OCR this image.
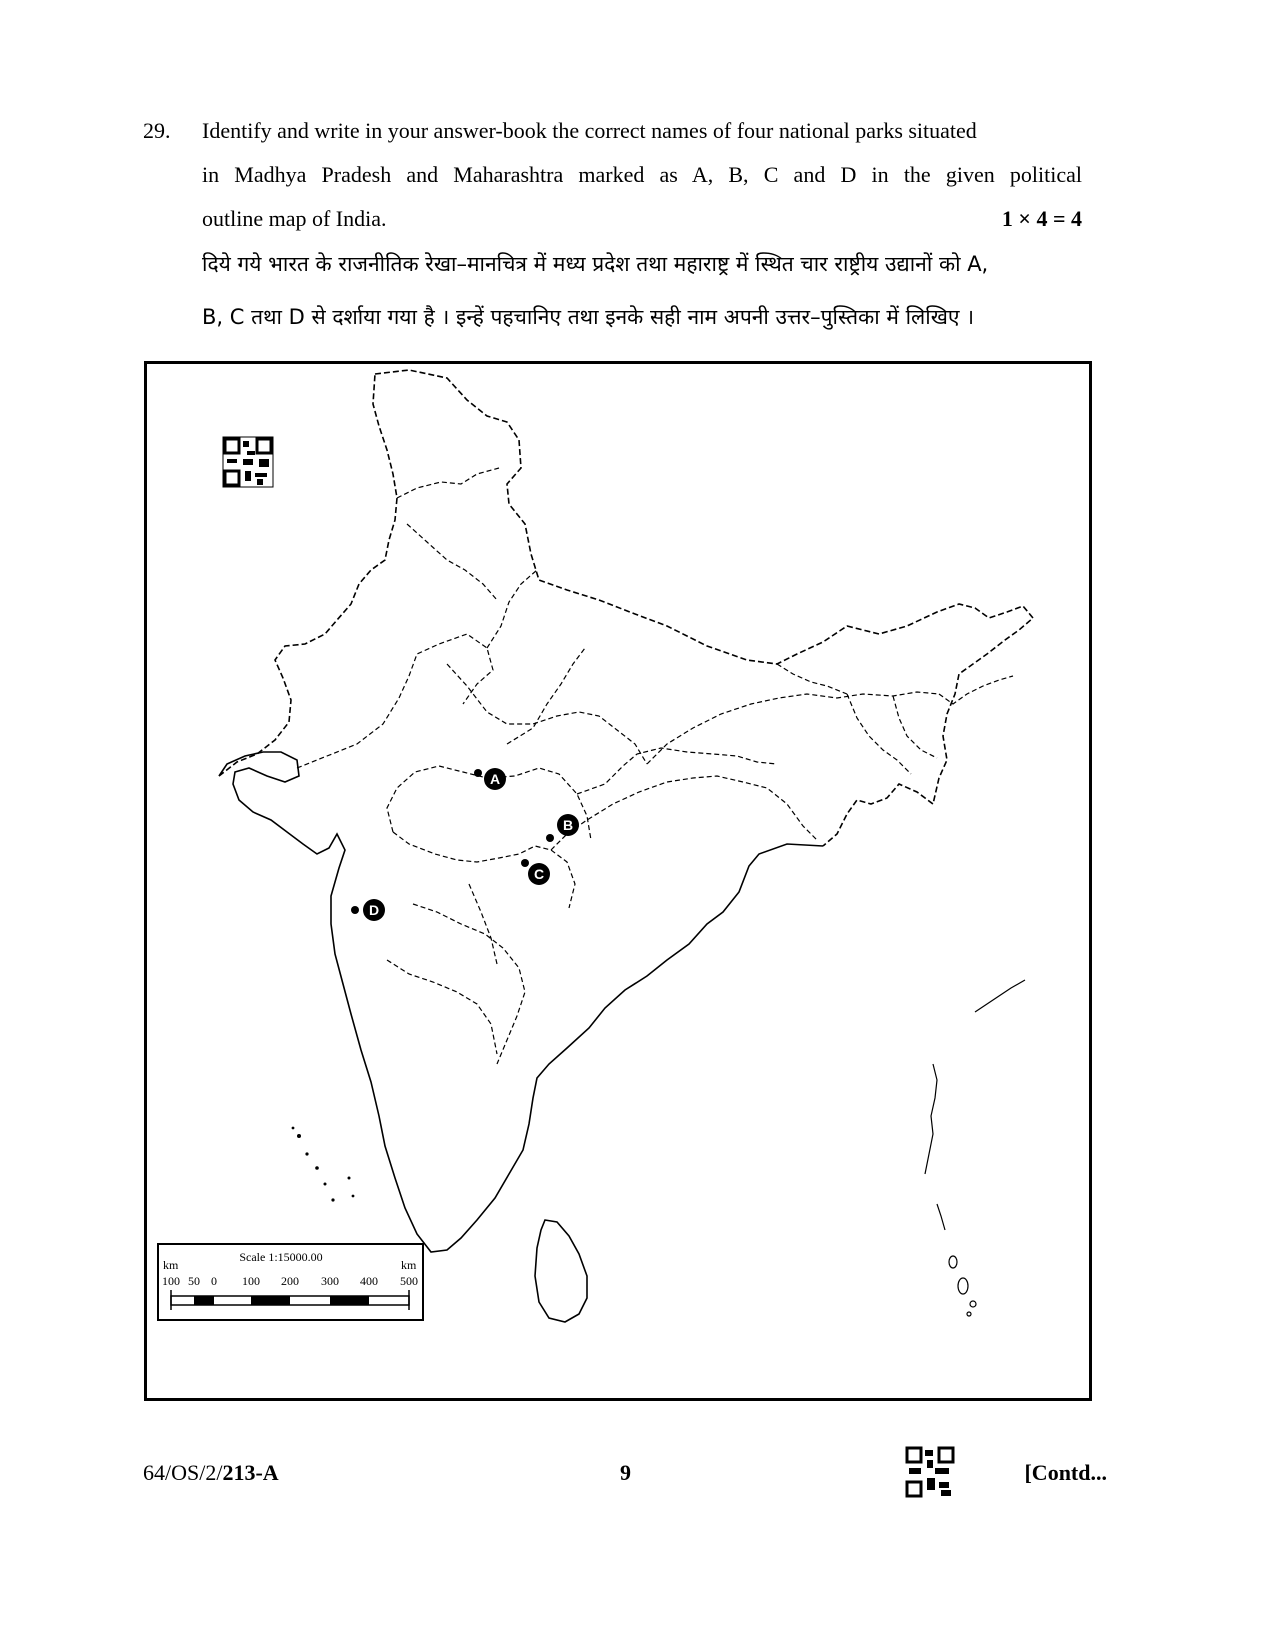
29. Identify and write in your answer-book the correct names of four national parks situated
in Madhya Pradesh and Maharashtra marked as A, B, C and D in the given political
outline map of India.	1 × 4 = 4
दिये गये भारत के राजनीतिक रेखा–मानचित्र में मध्य प्रदेश तथा महाराष्ट्र में स्थित चार राष्ट्रीय उद्यानों को A,
B, C तथा D से दर्शाया गया है । इन्हें पहचानिए तथा इनके सही नाम अपनी उत्तर–पुस्तिका में लिखिए ।
A
B
C
D
Scale 1:15000.00
km	km
100 50 0 100 200 300 400 500
64/OS/2/213-A	9	[Contd...
